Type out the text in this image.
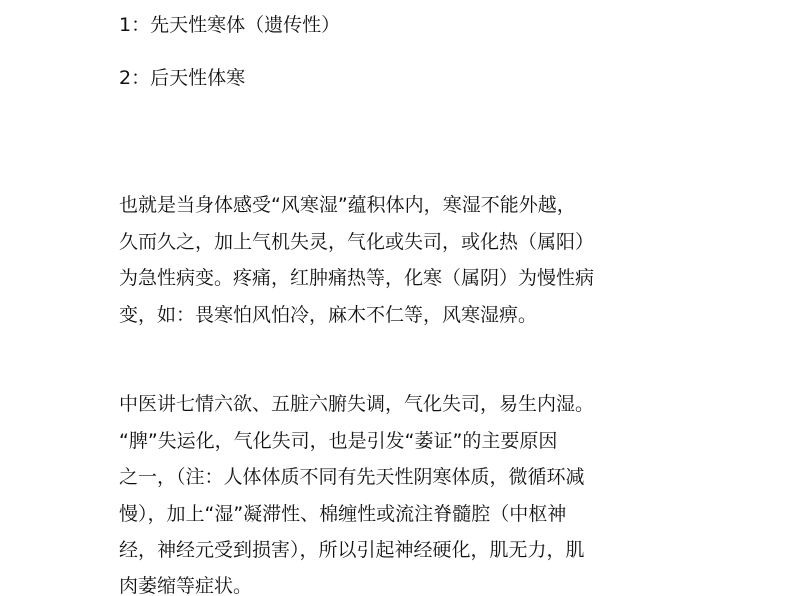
1：先天性寒体（遗传性）
2：后天性体寒
也就是当身体感受“风寒湿”蕴积体内，寒湿不能外越，
久而久之，加上气机失灵，气化或失司，或化热（属阳）
为急性病变。疼痛，红肿痛热等，化寒（属阴）为慢性病
变，如：畏寒怕风怕冷，麻木不仁等，风寒湿痹。
中医讲七情六欲、五脏六腑失调，气化失司，易生内湿。
“脾”失运化，气化失司，也是引发“萎证”的主要原因
之一，（注：人体体质不同有先天性阴寒体质，微循环减
慢），加上“湿”凝滞性、棉缠性或流注脊髓腔（中枢神
经，神经元受到损害），所以引起神经硬化，肌无力，肌
肉萎缩等症状。
